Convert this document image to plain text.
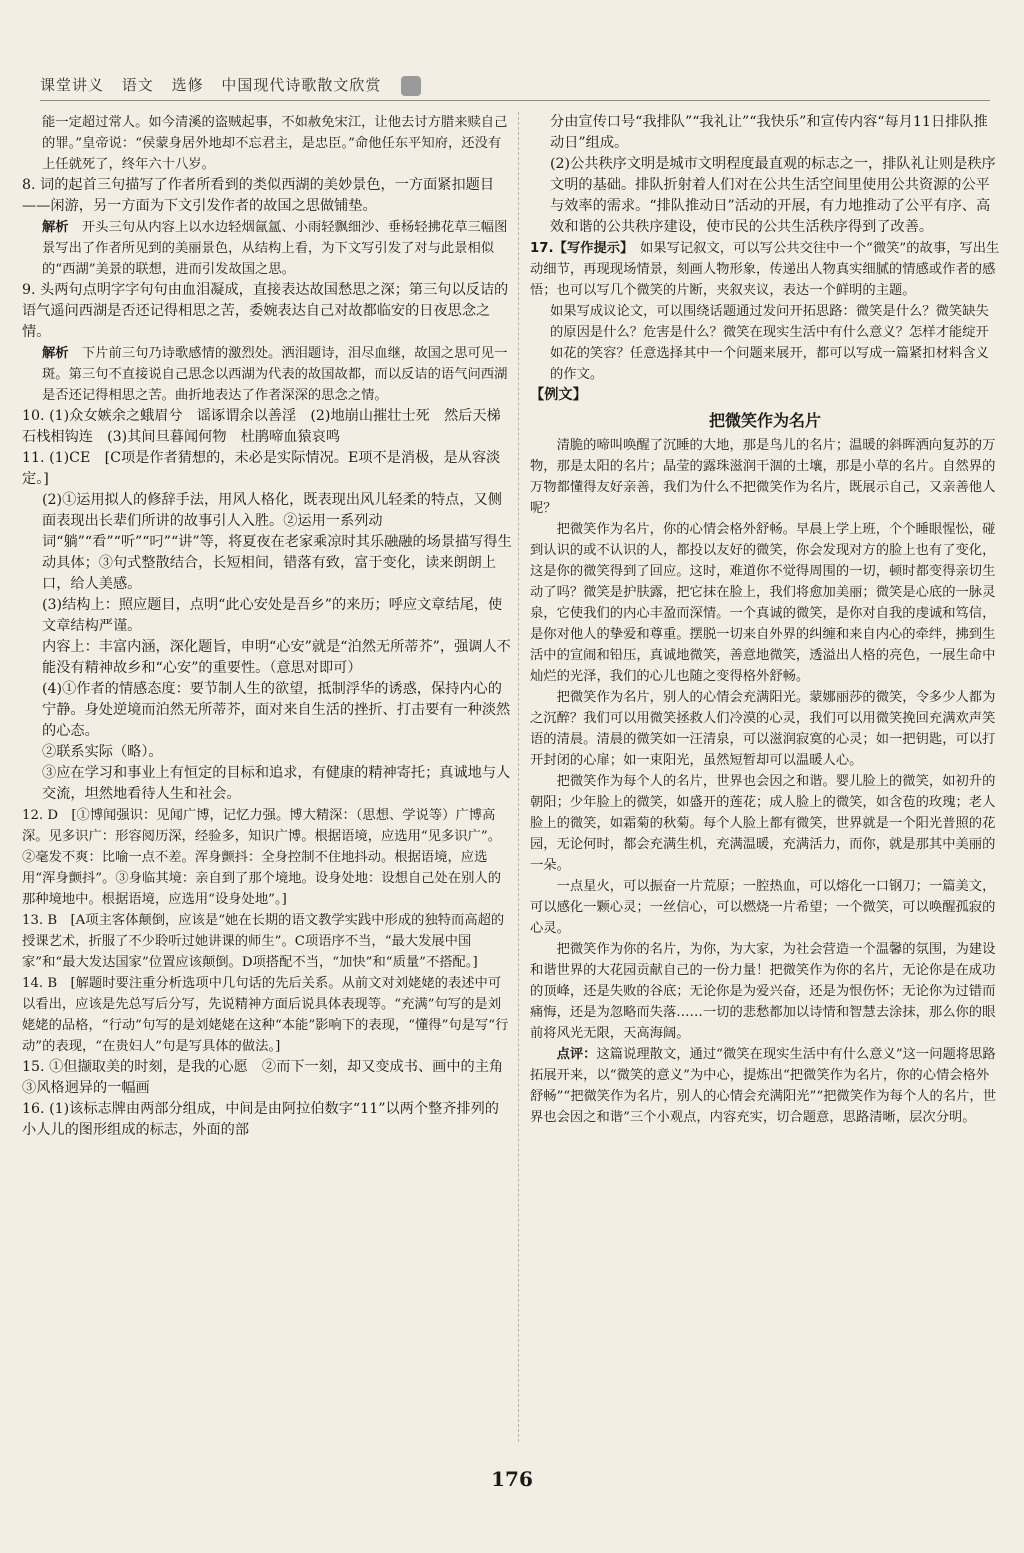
课堂讲义 语文 选修 中国现代诗歌散文欣赏
能一定超过常人。如今清溪的盗贼起事，不如赦免宋江，让他去讨方腊来赎自己的罪。”皇帝说：“侯蒙身居外地却不忘君主，是忠臣。”命他任东平知府，还没有上任就死了，终年六十八岁。
8. 词的起首三句描写了作者所看到的类似西湖的美妙景色，一方面紧扣题目——闲游，另一方面为下文引发作者的故国之思做铺垫。
解析　开头三句从内容上以水边轻烟氤氲、小雨轻飘细沙、垂杨轻拂花草三幅图景写出了作者所见到的美丽景色，从结构上看，为下文写引发了对与此景相似的“西湖”美景的联想，进而引发故国之思。
9. 头两句点明字字句句由血泪凝成，直接表达故国愁思之深；第三句以反诘的语气遥问西湖是否还记得相思之苦，委婉表达自己对故都临安的日夜思念之情。
解析　下片前三句乃诗歌感情的激烈处。洒泪题诗，泪尽血继，故国之思可见一斑。第三句不直接说自己思念以西湖为代表的故国故都，而以反诘的语气问西湖是否还记得相思之苦。曲折地表达了作者深深的思念之情。
10. (1)众女嫉余之蛾眉兮　谣诼谓余以善淫　(2)地崩山摧壮士死　然后天梯石栈相钩连　(3)其间旦暮闻何物　杜鹃啼血猿哀鸣
11. (1)CE　[C项是作者猜想的，未必是实际情况。E项不是消极，是从容淡定。]
(2)①运用拟人的修辞手法，用风人格化，既表现出风儿轻柔的特点，又侧面表现出长辈们所讲的故事引人入胜。②运用一系列动词“躺”“看”“听”“叼”“讲”等，将夏夜在老家乘凉时其乐融融的场景描写得生动具体；③句式整散结合，长短相间，错落有致，富于变化，读来朗朗上口，给人美感。
(3)结构上：照应题目，点明“此心安处是吾乡”的来历；呼应文章结尾，使文章结构严谨。
内容上：丰富内涵，深化题旨，申明“心安”就是“泊然无所蒂芥”，强调人不能没有精神故乡和“心安”的重要性。（意思对即可）
(4)①作者的情感态度：要节制人生的欲望，抵制浮华的诱惑，保持内心的宁静。身处逆境而泊然无所蒂芥，面对来自生活的挫折、打击要有一种淡然的心态。
②联系实际（略）。
③应在学习和事业上有恒定的目标和追求，有健康的精神寄托；真诚地与人交流，坦然地看待人生和社会。
12. D　[①博闻强识：见闻广博，记忆力强。博大精深：（思想、学说等）广博高深。见多识广：形容阅历深，经验多，知识广博。根据语境，应选用“见多识广”。②毫发不爽：比喻一点不差。浑身颤抖：全身控制不住地抖动。根据语境，应选用“浑身颤抖”。③身临其境：亲自到了那个境地。设身处地：设想自己处在别人的那种境地中。根据语境，应选用“设身处地”。]
13. B　[A项主客体颠倒，应该是“她在长期的语文教学实践中形成的独特而高超的授课艺术，折服了不少聆听过她讲课的师生”。C项语序不当，“最大发展中国家”和“最大发达国家”位置应该颠倒。D项搭配不当，“加快”和“质量”不搭配。]
14. B　[解题时要注重分析选项中几句话的先后关系。从前文对刘姥姥的表述中可以看出，应该是先总写后分写，先说精神方面后说具体表现等。“充满”句写的是刘姥姥的品格，“行动”句写的是刘姥姥在这种“本能”影响下的表现，“懂得”句是写“行动”的表现，“在贵妇人”句是写具体的做法。]
15. ①但撷取美的时刻，是我的心愿　②而下一刻，却又变成书、画中的主角　③风格迥异的一幅画
16. (1)该标志牌由两部分组成，中间是由阿拉伯数字“11”以两个整齐排列的小人儿的图形组成的标志，外面的部
分由宣传口号“我排队”“我礼让”“我快乐”和宣传内容“每月11日排队推动日”组成。
(2)公共秩序文明是城市文明程度最直观的标志之一，排队礼让则是秩序文明的基础。排队折射着人们对在公共生活空间里使用公共资源的公平与效率的需求。“排队推动日”活动的开展，有力地推动了公平有序、高效和谐的公共秩序建设，使市民的公共生活秩序得到了改善。
17.【写作提示】　如果写记叙文，可以写公共交往中一个“微笑”的故事，写出生动细节，再现现场情景，刻画人物形象，传递出人物真实细腻的情感或作者的感悟；也可以写几个微笑的片断，夹叙夹议，表达一个鲜明的主题。
如果写成议论文，可以围绕话题通过发问开拓思路：微笑是什么？微笑缺失的原因是什么？危害是什么？微笑在现实生活中有什么意义？怎样才能绽开如花的笑容？任意选择其中一个问题来展开，都可以写成一篇紧扣材料含义的作文。
【例文】
把微笑作为名片
清脆的啼叫唤醒了沉睡的大地，那是鸟儿的名片；温暖的斜晖洒向复苏的万物，那是太阳的名片；晶莹的露珠滋润干涸的土壤，那是小草的名片。自然界的万物都懂得友好亲善，我们为什么不把微笑作为名片，既展示自己，又亲善他人呢？
把微笑作为名片，你的心情会格外舒畅。早晨上学上班，个个睡眼惺忪，碰到认识的或不认识的人，都投以友好的微笑，你会发现对方的脸上也有了变化，这是你的微笑得到了回应。这时，难道你不觉得周围的一切，顿时都变得亲切生动了吗？微笑是护肤露，把它抹在脸上，我们将愈加美丽；微笑是心底的一脉灵泉，它使我们的内心丰盈而深情。一个真诚的微笑，是你对自我的虔诚和笃信，是你对他人的挚爱和尊重。摆脱一切来自外界的纠缠和来自内心的牵绊，拂到生活中的宣闹和铅压，真诚地微笑，善意地微笑，透溢出人格的亮色，一展生命中灿烂的光泽，我们的心儿也随之变得格外舒畅。
把微笑作为名片，别人的心情会充满阳光。蒙娜丽莎的微笑，令多少人都为之沉醉？我们可以用微笑拯救人们冷漠的心灵，我们可以用微笑挽回充满欢声笑语的清晨。清晨的微笑如一汪清泉，可以滋润寂寞的心灵；如一把钥匙，可以打开封闭的心扉；如一束阳光，虽然短暂却可以温暖人心。
把微笑作为每个人的名片，世界也会因之和谐。婴儿脸上的微笑，如初升的朝阳；少年脸上的微笑，如盛开的莲花；成人脸上的微笑，如含苞的玫瑰；老人脸上的微笑，如霜菊的秋菊。每个人脸上都有微笑，世界就是一个阳光普照的花园，无论何时，都会充满生机，充满温暖，充满活力，而你，就是那其中美丽的一朵。
一点星火，可以振奋一片荒原；一腔热血，可以熔化一口钢刀；一篇美文，可以感化一颗心灵；一丝信心，可以燃烧一片希望；一个微笑，可以唤醒孤寂的心灵。
把微笑作为你的名片，为你，为大家，为社会营造一个温馨的氛围，为建设和谐世界的大花园贡献自己的一份力量！把微笑作为你的名片，无论你是在成功的顶峰，还是失败的谷底；无论你是为爱兴奋，还是为恨伤怀；无论你为过错而痛悔，还是为忽略而失落……一切的悲愁都加以诗情和智慧去涂抹，那么你的眼前将风光无限，天高海阔。
点评：这篇说理散文，通过“微笑在现实生活中有什么意义”这一问题将思路拓展开来，以“微笑的意义”为中心，提炼出“把微笑作为名片，你的心情会格外舒畅”“把微笑作为名片，别人的心情会充满阳光”“把微笑作为每个人的名片，世界也会因之和谐”三个小观点，内容充实，切合题意，思路清晰，层次分明。
176
